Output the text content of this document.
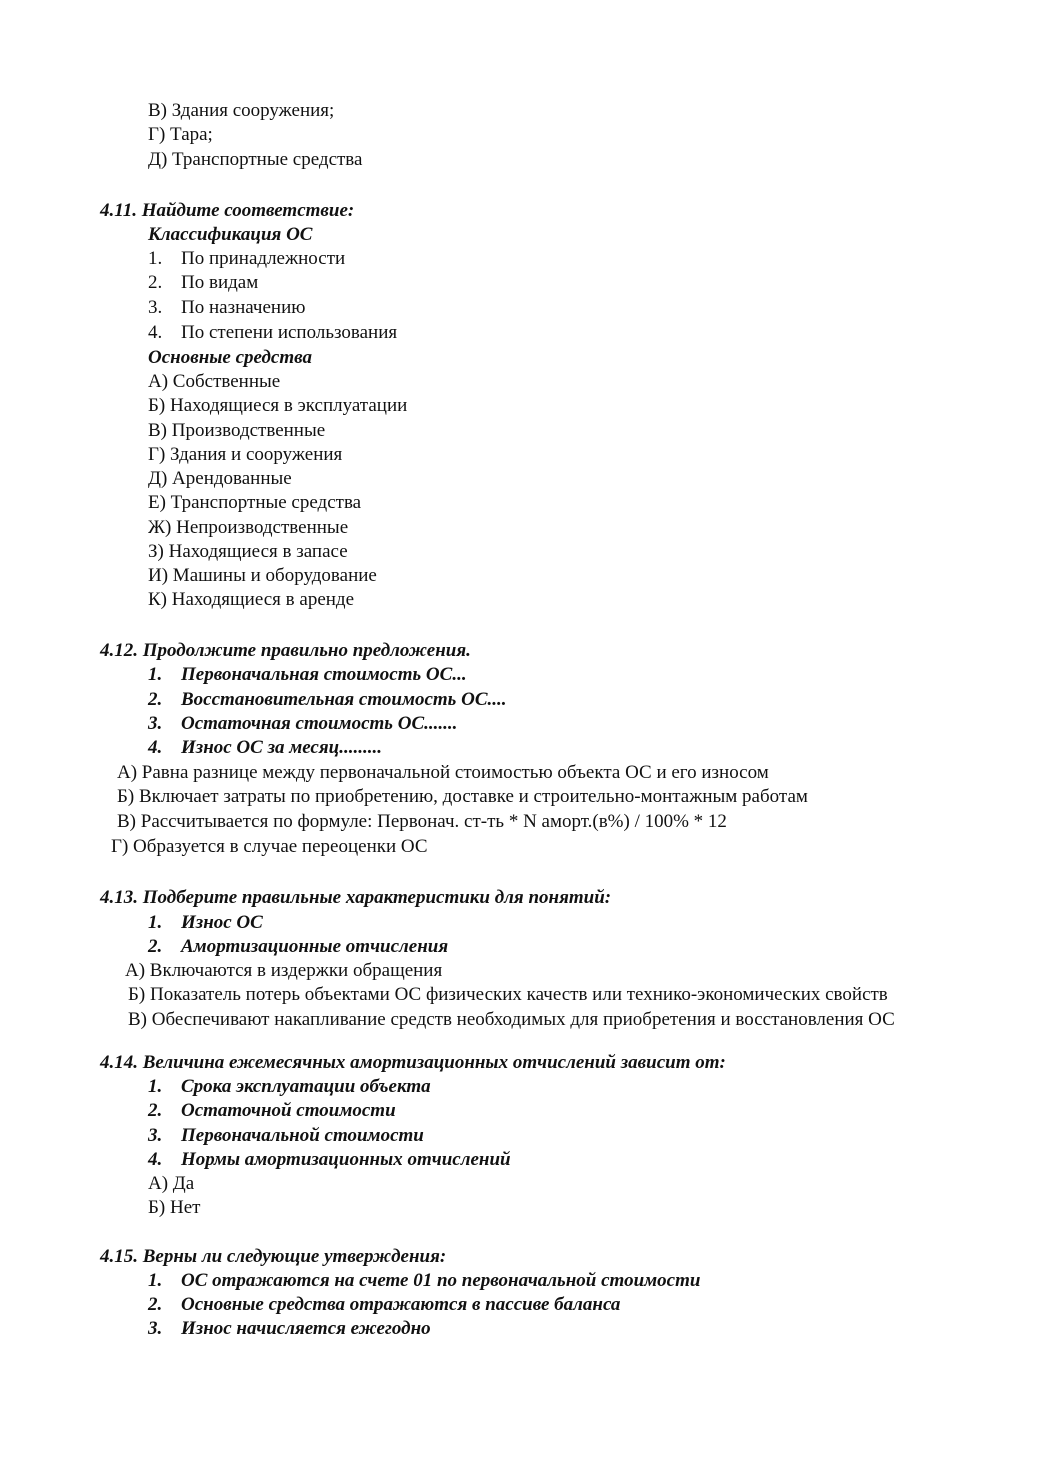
В) Здания сооружения;
Г) Тара;
Д) Транспортные средства
4.11. Найдите соответствие:
Классификация ОС
1. По принадлежности
2. По видам
3. По назначению
4. По степени использования
Основные средства
А) Собственные
Б) Находящиеся в эксплуатации
В) Производственные
Г) Здания и сооружения
Д) Арендованные
Е) Транспортные средства
Ж) Непроизводственные
З) Находящиеся в запасе
И) Машины и оборудование
К) Находящиеся в аренде
4.12. Продолжите правильно предложения.
1. Первоначальная стоимость ОС...
2. Восстановительная стоимость ОС....
3. Остаточная стоимость ОС.......
4. Износ ОС за месяц.........
А) Равна разнице между первоначальной стоимостью объекта ОС и его износом
Б) Включает затраты по приобретению, доставке и строительно-монтажным работам
В) Рассчитывается по формуле: Первонач. ст-ть * N аморт.(в%) / 100% * 12
Г) Образуется в случае переоценки ОС
4.13. Подберите правильные характеристики для понятий:
1. Износ ОС
2. Амортизационные отчисления
А) Включаются в издержки обращения
Б) Показатель потерь объектами ОС физических качеств или технико-экономических свойств
В) Обеспечивают накапливание средств необходимых для приобретения и восстановления ОС
4.14. Величина ежемесячных амортизационных отчислений зависит от:
1. Срока эксплуатации объекта
2. Остаточной стоимости
3. Первоначальной стоимости
4. Нормы амортизационных отчислений
А) Да
Б) Нет
4.15. Верны ли следующие утверждения:
1. ОС отражаются на счете 01 по первоначальной стоимости
2. Основные средства отражаются в пассиве баланса
3. Износ начисляется ежегодно
